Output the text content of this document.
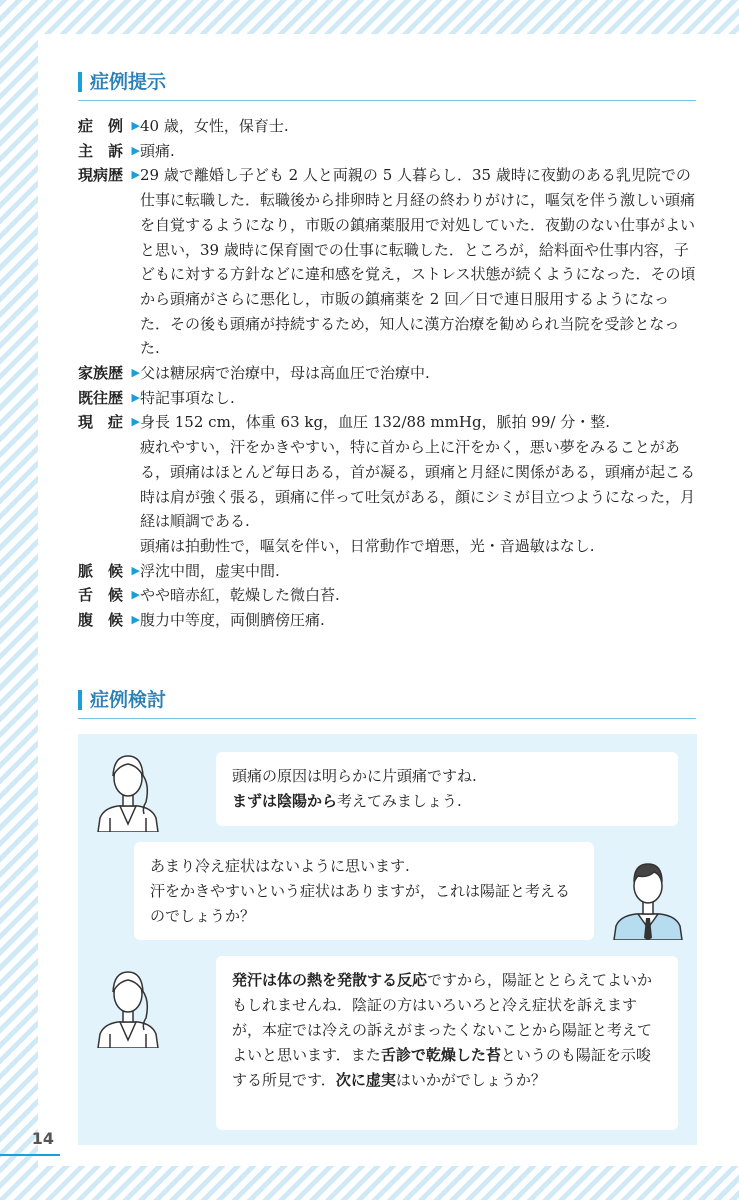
症例提示
症　例 ▶ 40 歳，女性，保育士.

主　訴 ▶ 頭痛.

現病歴 ▶ 29 歳で離婚し子ども 2 人と両親の 5 人暮らし．35 歳時に夜勤のある乳児院での仕事に転職した．転職後から排卵時と月経の終わりがけに，嘔気を伴う激しい頭痛を自覚するようになり，市販の鎮痛薬服用で対処していた．夜勤のない仕事がよいと思い，39 歳時に保育園での仕事に転職した．ところが，給料面や仕事内容，子どもに対する方針などに違和感を覚え，ストレス状態が続くようになった．その頃から頭痛がさらに悪化し，市販の鎮痛薬を 2 回／日で連日服用するようになった．その後も頭痛が持続するため，知人に漢方治療を勧められ当院を受診となった.

家族歴 ▶ 父は糖尿病で治療中，母は高血圧で治療中.

既往歴 ▶ 特記事項なし.

現　症 ▶ 身長 152 cm，体重 63 kg，血圧 132/88 mmHg，脈拍 99/ 分・整.

疲れやすい，汗をかきやすい，特に首から上に汗をかく，悪い夢をみることがある，頭痛はほとんど毎日ある，首が凝る，頭痛と月経に関係がある，頭痛が起こる時は肩が強く張る，頭痛に伴って吐気がある，顔にシミが目立つようになった，月経は順調である.

頭痛は拍動性で，嘔気を伴い，日常動作で増悪，光・音過敏はなし.

脈　候 ▶ 浮沈中間，虚実中間.

舌　候 ▶ やや暗赤紅，乾燥した微白苔.

腹　候 ▶ 腹力中等度，両側臍傍圧痛.

症例検討
頭痛の原因は明らかに片頭痛ですね.
まずは陰陽から考えてみましょう.
あまり冷え症状はないように思います.
汗をかきやすいという症状はありますが，これは陽証と考えるのでしょうか？
発汗は体の熱を発散する反応ですから，陽証ととらえてよいかもしれませんね．陰証の方はいろいろと冷え症状を訴えますが，本症では冷えの訴えがまったくないことから陽証と考えてよいと思います．また舌診で乾燥した苔というのも陽証を示唆する所見です．次に虚実はいかがでしょうか？
14
